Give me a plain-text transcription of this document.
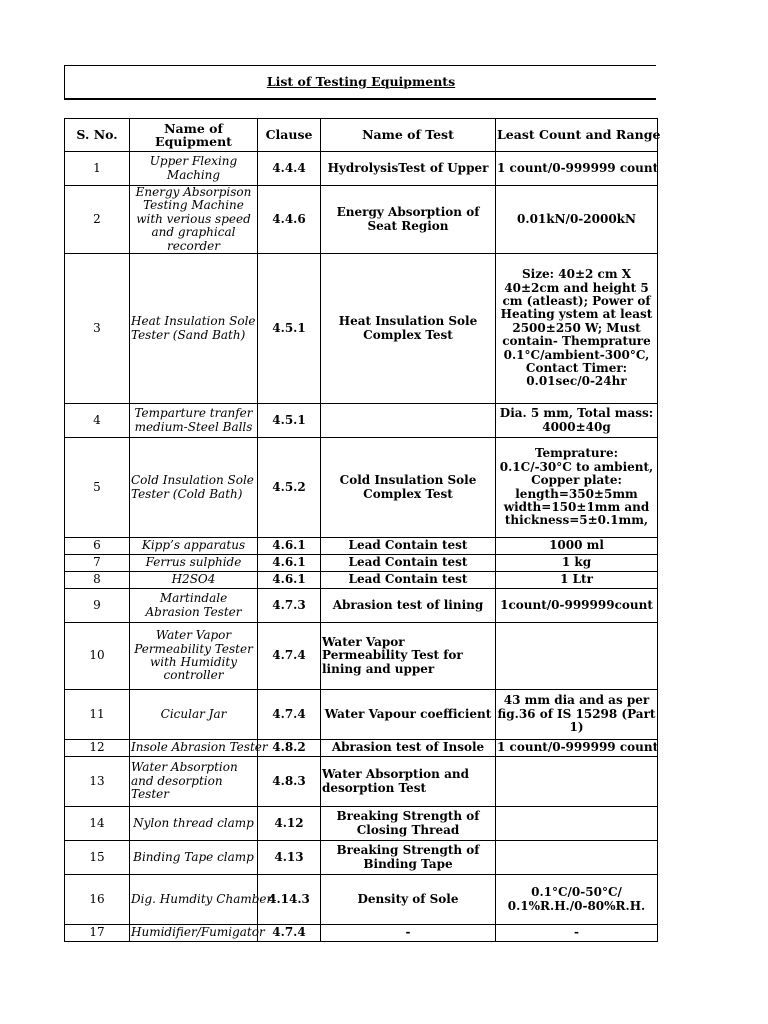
List of Testing Equipments
S. No.	Name of Equipment	Clause	Name of Test	Least Count and Range
1	Upper Flexing Maching	4.4.4	HydrolysisTest of Upper	1 count/0-999999 count
2	Energy Absorpison Testing Machine with verious speed and graphical recorder	4.4.6	Energy Absorption of Seat Region	0.01kN/0-2000kN
3	Heat Insulation Sole Tester (Sand Bath)	4.5.1	Heat Insulation Sole Complex Test	Size: 40±2 cm X 40±2cm and height 5 cm (atleast); Power of Heating ystem at least 2500±250 W; Must contain- Thempraturе 0.1°C/ambient-300°C, Contact Timer: 0.01sec/0-24hr
4	Temparture tranfer medium-Steel Balls	4.5.1		Dia. 5 mm, Total mass: 4000±40g
5	Cold Insulation Sole Tester (Cold Bath)	4.5.2	Cold Insulation Sole Complex Test	Temprature: 0.1C/-30°C to ambient, Copper plate: length=350±5mm width=150±1mm and thickness=5±0.1mm,
6	Kipp’s apparatus	4.6.1	Lead Contain test	1000 ml
7	Ferrus sulphide	4.6.1	Lead Contain test	1 kg
8	H2SO4	4.6.1	Lead Contain test	1 Ltr
9	Martindale Abrasion Tester	4.7.3	Abrasion test of lining	1count/0-999999count
10	Water Vapor Permeability Tester with Humidity controller	4.7.4	Water Vapor Permeability Test for lining and upper	
11	Cicular Jar	4.7.4	Water Vapour coefficient	43 mm dia and as per fig.36 of IS 15298 (Part 1)
12	Insole Abrasion Tester	4.8.2	Abrasion test of Insole	1 count/0-999999 count
13	Water Absorption and desorption Tester	4.8.3	Water Absorption and desorption Test	
14	Nylon thread clamp	4.12	Breaking Strength of Closing Thread	
15	Binding Tape clamp	4.13	Breaking Strength of Binding Tape	
16	Dig. Humdity Chamber	4.14.3	Density of Sole	0.1°C/0-50°C/ 0.1%R.H./0-80%R.H.
17	Humidifier/Fumigator	4.7.4	-	-
